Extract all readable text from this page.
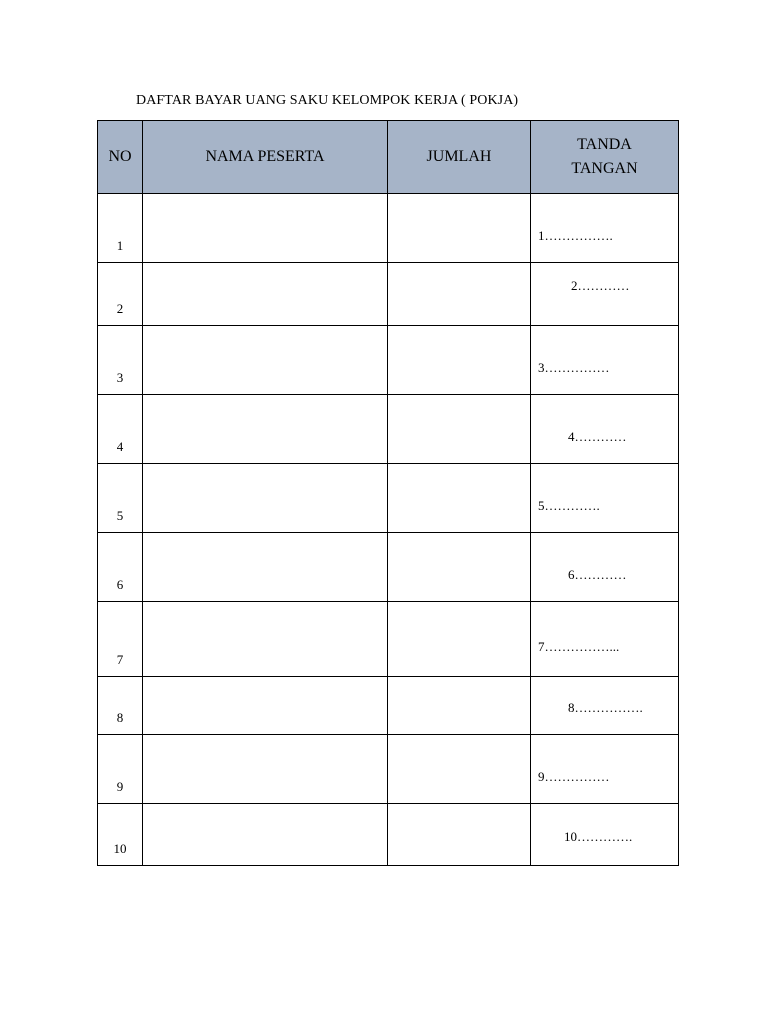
DAFTAR BAYAR UANG SAKU KELOMPOK KERJA ( POKJA)
NO	NAMA PESERTA	JUMLAH	TANDA
TANGAN
1			1…………….

2			2…………

3			3……………

4			4…………

5			5………….

6			6…………

7			7……………...

8			8…………….

9			9……………

10			10………….
